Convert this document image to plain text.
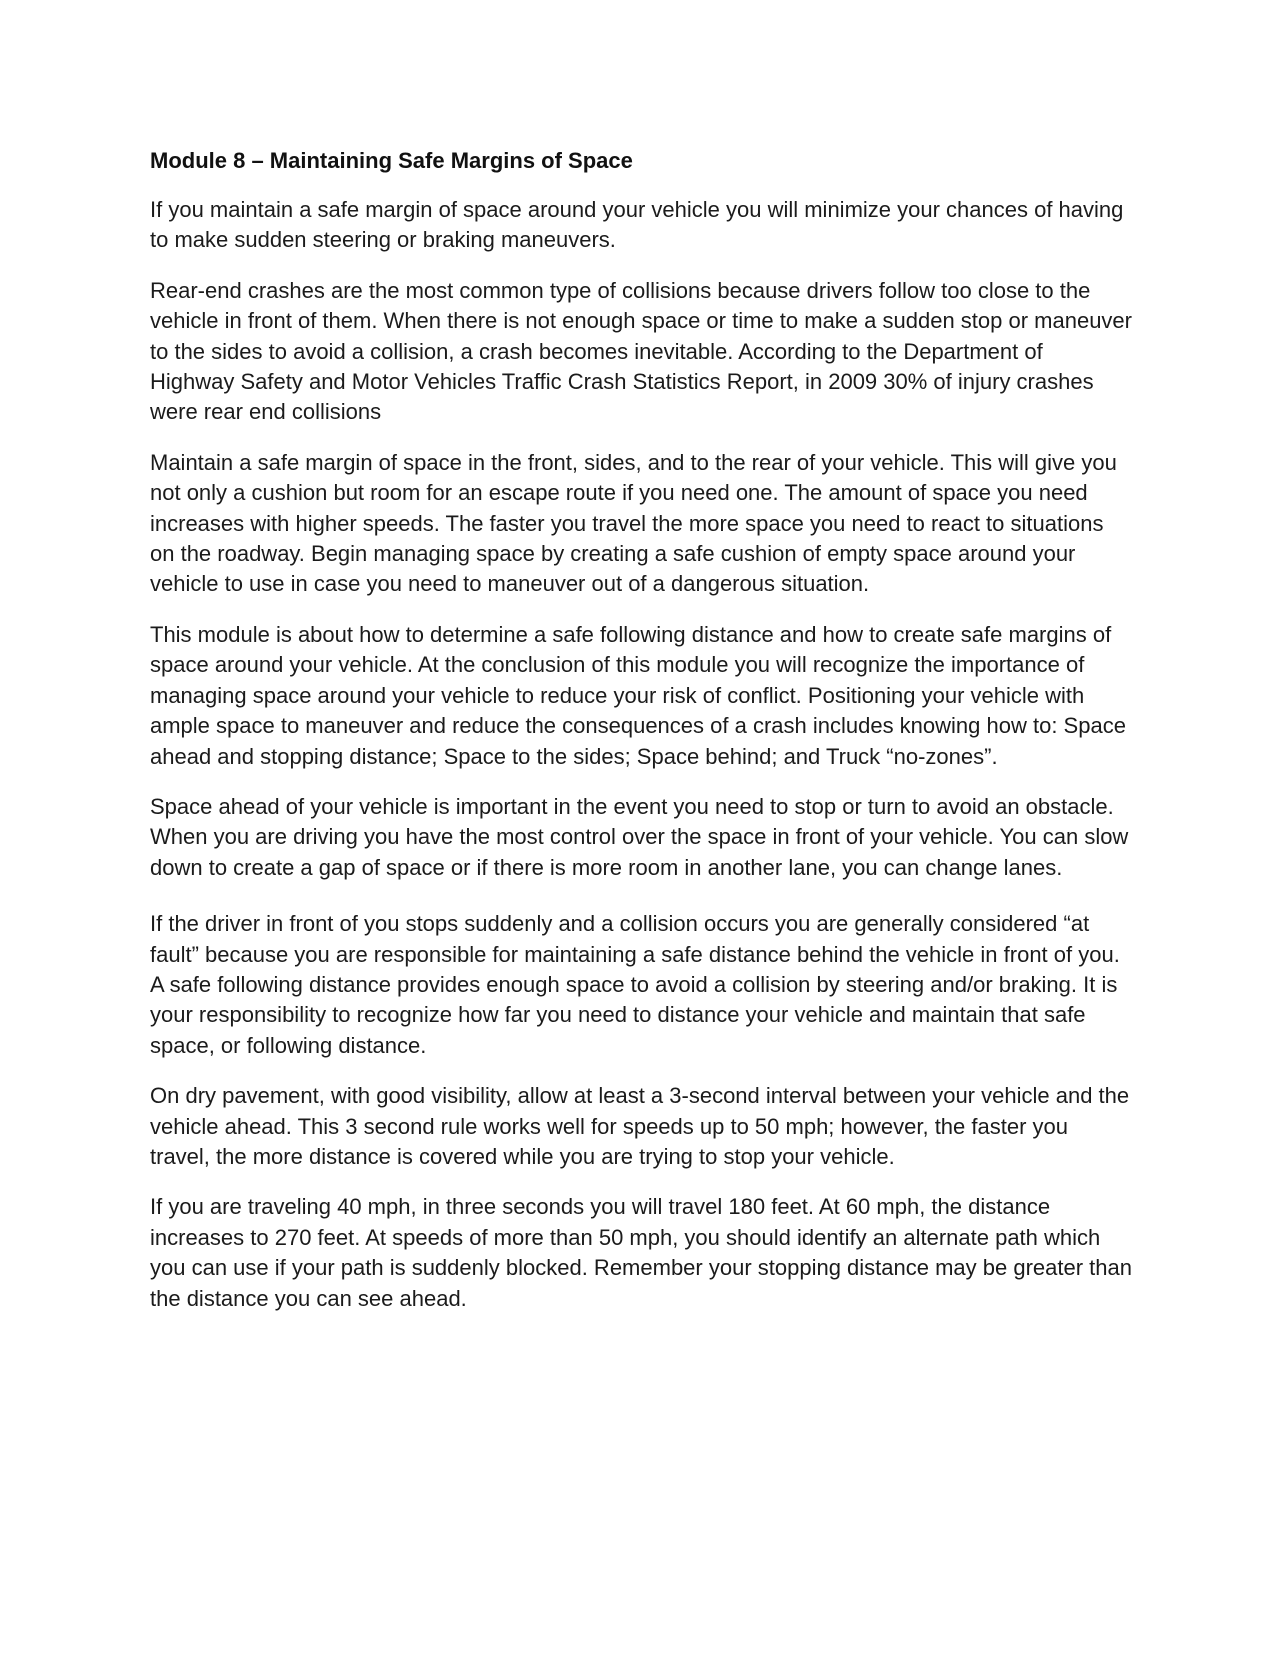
Module 8 – Maintaining Safe Margins of Space

If you maintain a safe margin of space around your vehicle you will minimize your chances of having to make sudden steering or braking maneuvers.

Rear-end crashes are the most common type of collisions because drivers follow too close to the vehicle in front of them. When there is not enough space or time to make a sudden stop or maneuver to the sides to avoid a collision, a crash becomes inevitable. According to the Department of Highway Safety and Motor Vehicles Traffic Crash Statistics Report, in 2009 30% of injury crashes were rear end collisions

Maintain a safe margin of space in the front, sides, and to the rear of your vehicle. This will give you not only a cushion but room for an escape route if you need one. The amount of space you need increases with higher speeds. The faster you travel the more space you need to react to situations on the roadway. Begin managing space by creating a safe cushion of empty space around your vehicle to use in case you need to maneuver out of a dangerous situation.

This module is about how to determine a safe following distance and how to create safe margins of space around your vehicle. At the conclusion of this module you will recognize the importance of managing space around your vehicle to reduce your risk of conflict. Positioning your vehicle with ample space to maneuver and reduce the consequences of a crash includes knowing how to: Space ahead and stopping distance; Space to the sides; Space behind; and Truck “no-zones”.

Space ahead of your vehicle is important in the event you need to stop or turn to avoid an obstacle. When you are driving you have the most control over the space in front of your vehicle. You can slow down to create a gap of space or if there is more room in another lane, you can change lanes.

If the driver in front of you stops suddenly and a collision occurs you are generally considered “at fault” because you are responsible for maintaining a safe distance behind the vehicle in front of you. A safe following distance provides enough space to avoid a collision by steering and/or braking. It is your responsibility to recognize how far you need to distance your vehicle and maintain that safe space, or following distance.

On dry pavement, with good visibility, allow at least a 3-second interval between your vehicle and the vehicle ahead. This 3 second rule works well for speeds up to 50 mph; however, the faster you travel, the more distance is covered while you are trying to stop your vehicle.

If you are traveling 40 mph, in three seconds you will travel 180 feet. At 60 mph, the distance increases to 270 feet. At speeds of more than 50 mph, you should identify an alternate path which you can use if your path is suddenly blocked. Remember your stopping distance may be greater than the distance you can see ahead.
